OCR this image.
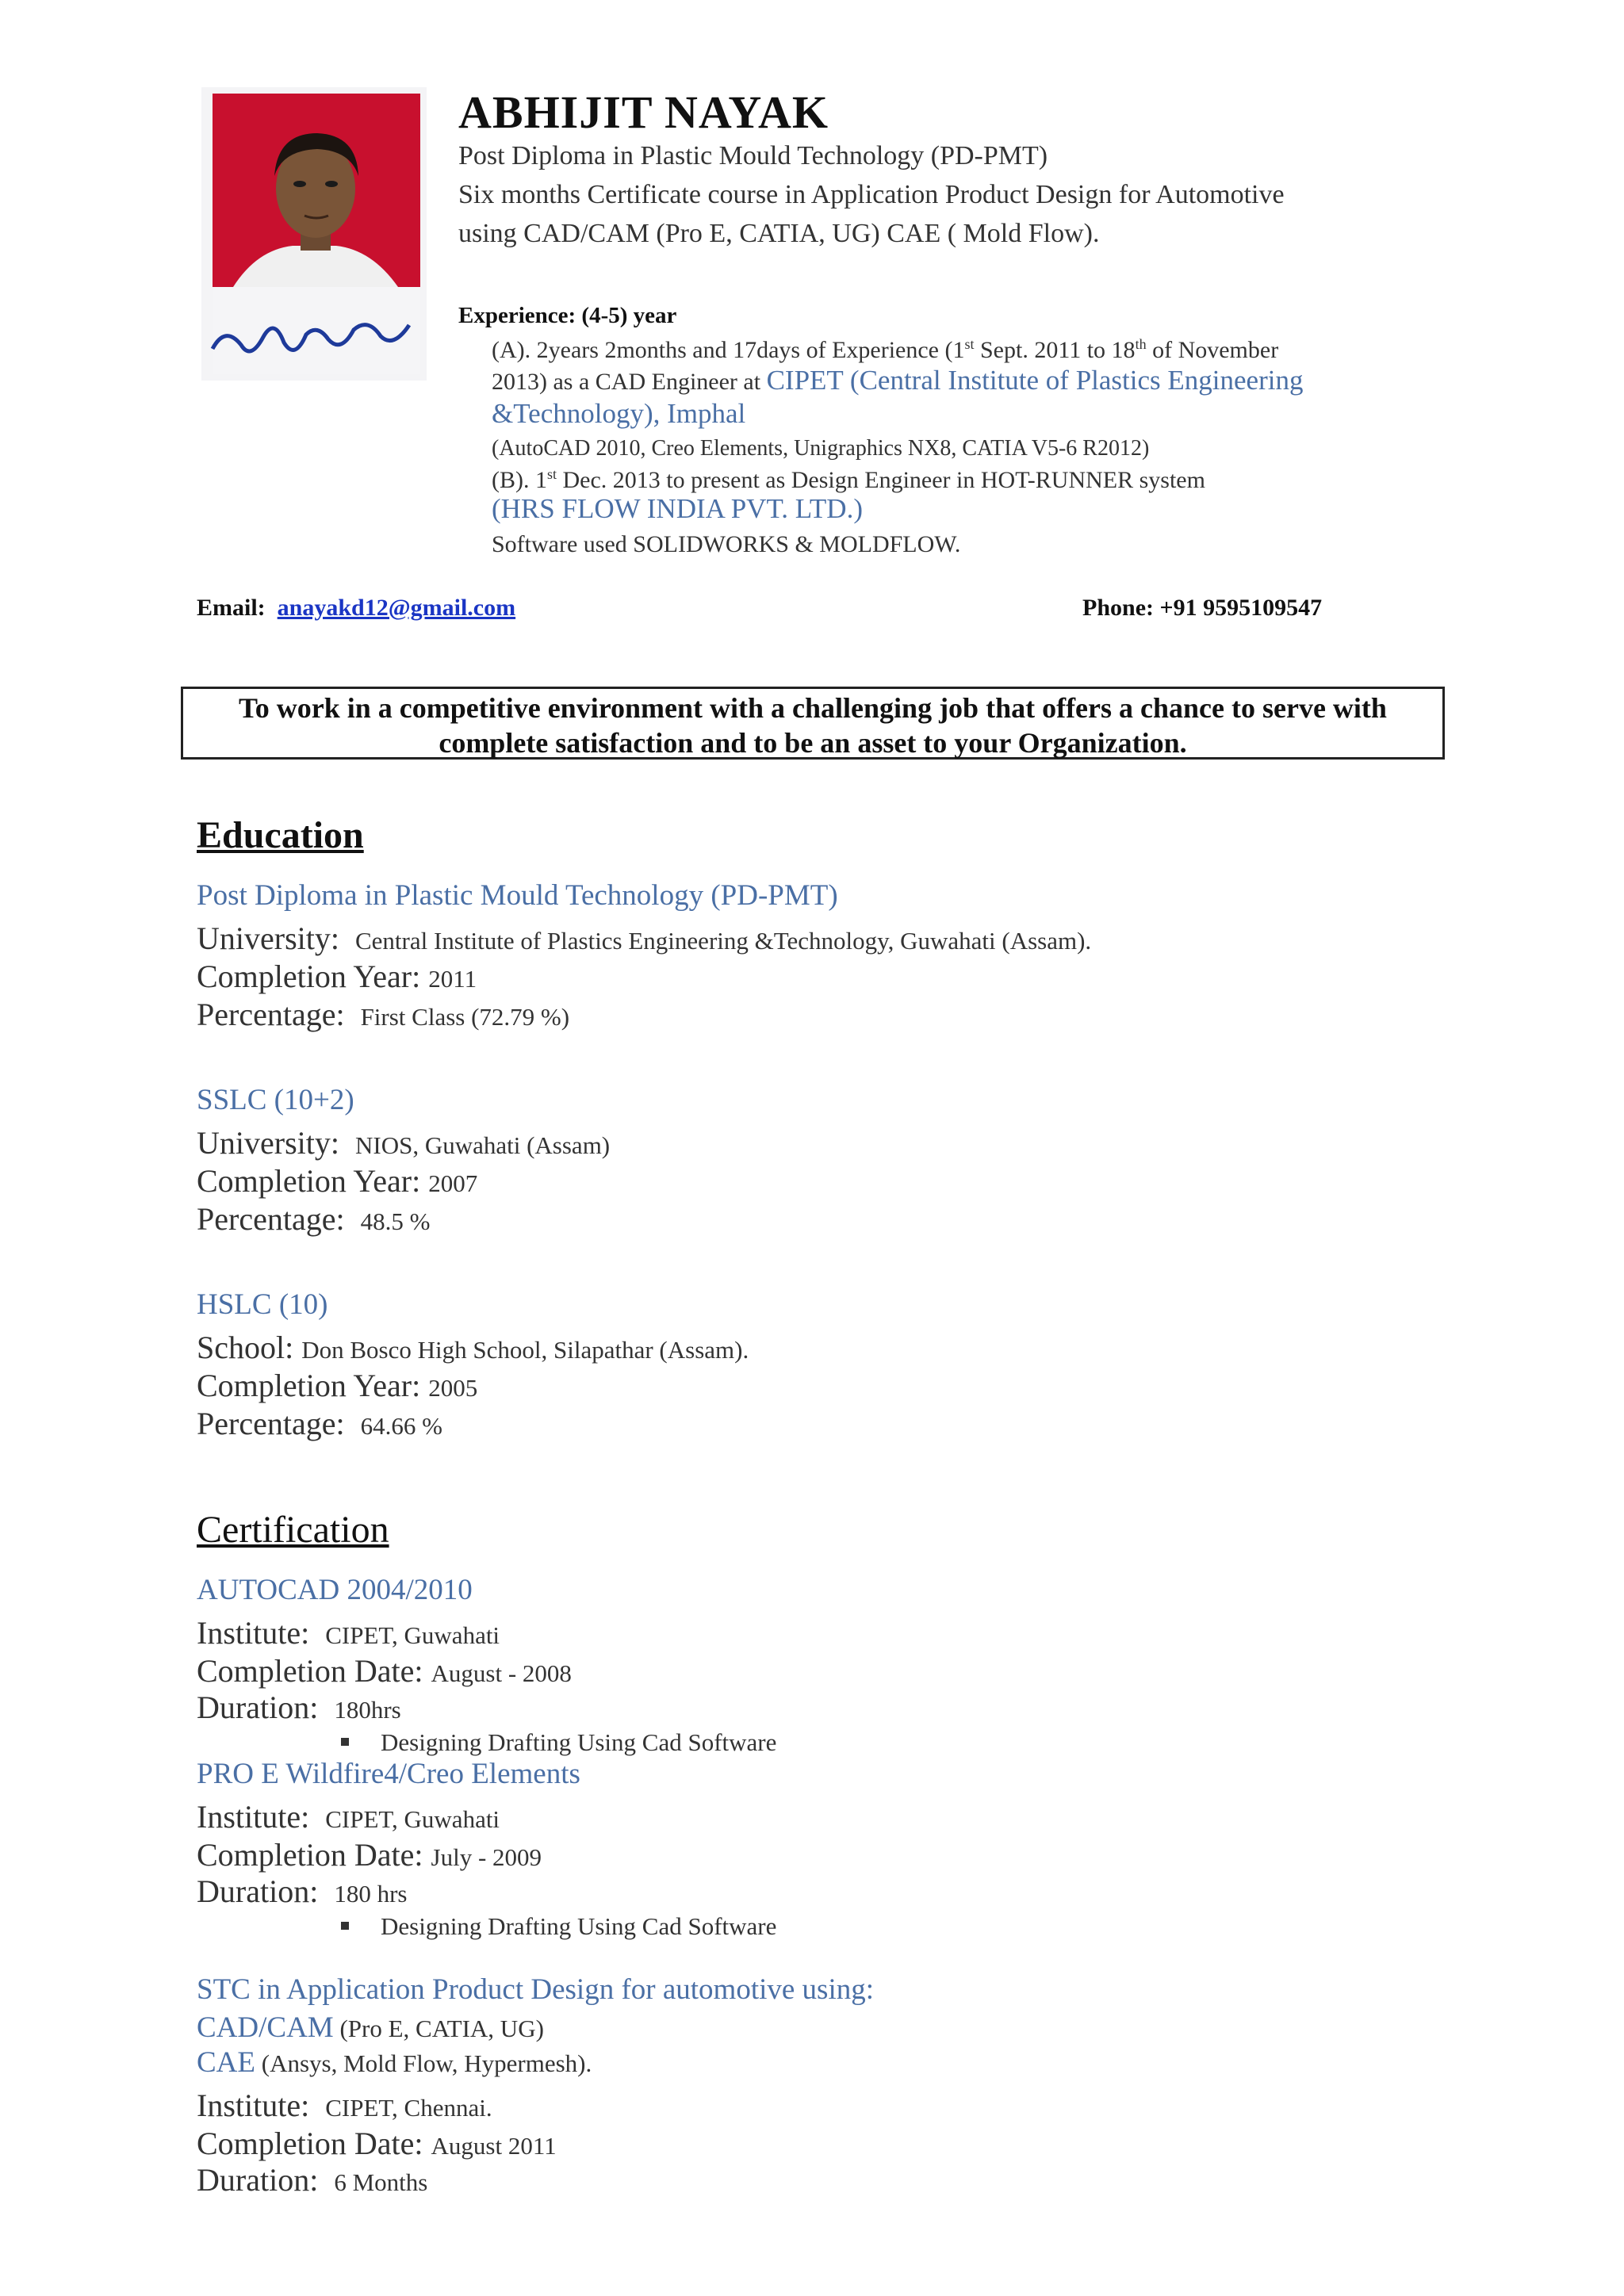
ABHIJIT NAYAK
Post Diploma in Plastic Mould Technology (PD-PMT)
Six months Certificate course in Application Product Design for Automotive
using CAD/CAM (Pro E, CATIA, UG) CAE ( Mold Flow).
Experience: (4-5) year
(A). 2years 2months and 17days of Experience (1st Sept. 2011 to 18th of November
2013) as a CAD Engineer at CIPET (Central Institute of Plastics Engineering
&Technology), Imphal
(AutoCAD 2010, Creo Elements, Unigraphics NX8, CATIA V5-6 R2012)
(B). 1st Dec. 2013 to present as Design Engineer in HOT-RUNNER system
(HRS FLOW INDIA PVT. LTD.)
Software used SOLIDWORKS & MOLDFLOW.
Email: anayakd12@gmail.com	Phone: +91 9595109547
To work in a competitive environment with a challenging job that offers a chance to serve with complete satisfaction and to be an asset to your Organization.
Education
Post Diploma in Plastic Mould Technology (PD-PMT)
University: Central Institute of Plastics Engineering &Technology, Guwahati (Assam).
Completion Year: 2011
Percentage: First Class (72.79 %)
SSLC (10+2)
University: NIOS, Guwahati (Assam)
Completion Year: 2007
Percentage: 48.5 %
HSLC (10)
School: Don Bosco High School, Silapathar (Assam).
Completion Year: 2005
Percentage: 64.66 %
Certification
AUTOCAD 2004/2010
Institute: CIPET, Guwahati
Completion Date: August - 2008
Duration: 180hrs
Designing Drafting Using Cad Software
PRO E Wildfire4/Creo Elements
Institute: CIPET, Guwahati
Completion Date: July - 2009
Duration: 180 hrs
Designing Drafting Using Cad Software
STC in Application Product Design for automotive using:
CAD/CAM (Pro E, CATIA, UG)
CAE (Ansys, Mold Flow, Hypermesh).
Institute: CIPET, Chennai.
Completion Date: August 2011
Duration: 6 Months
